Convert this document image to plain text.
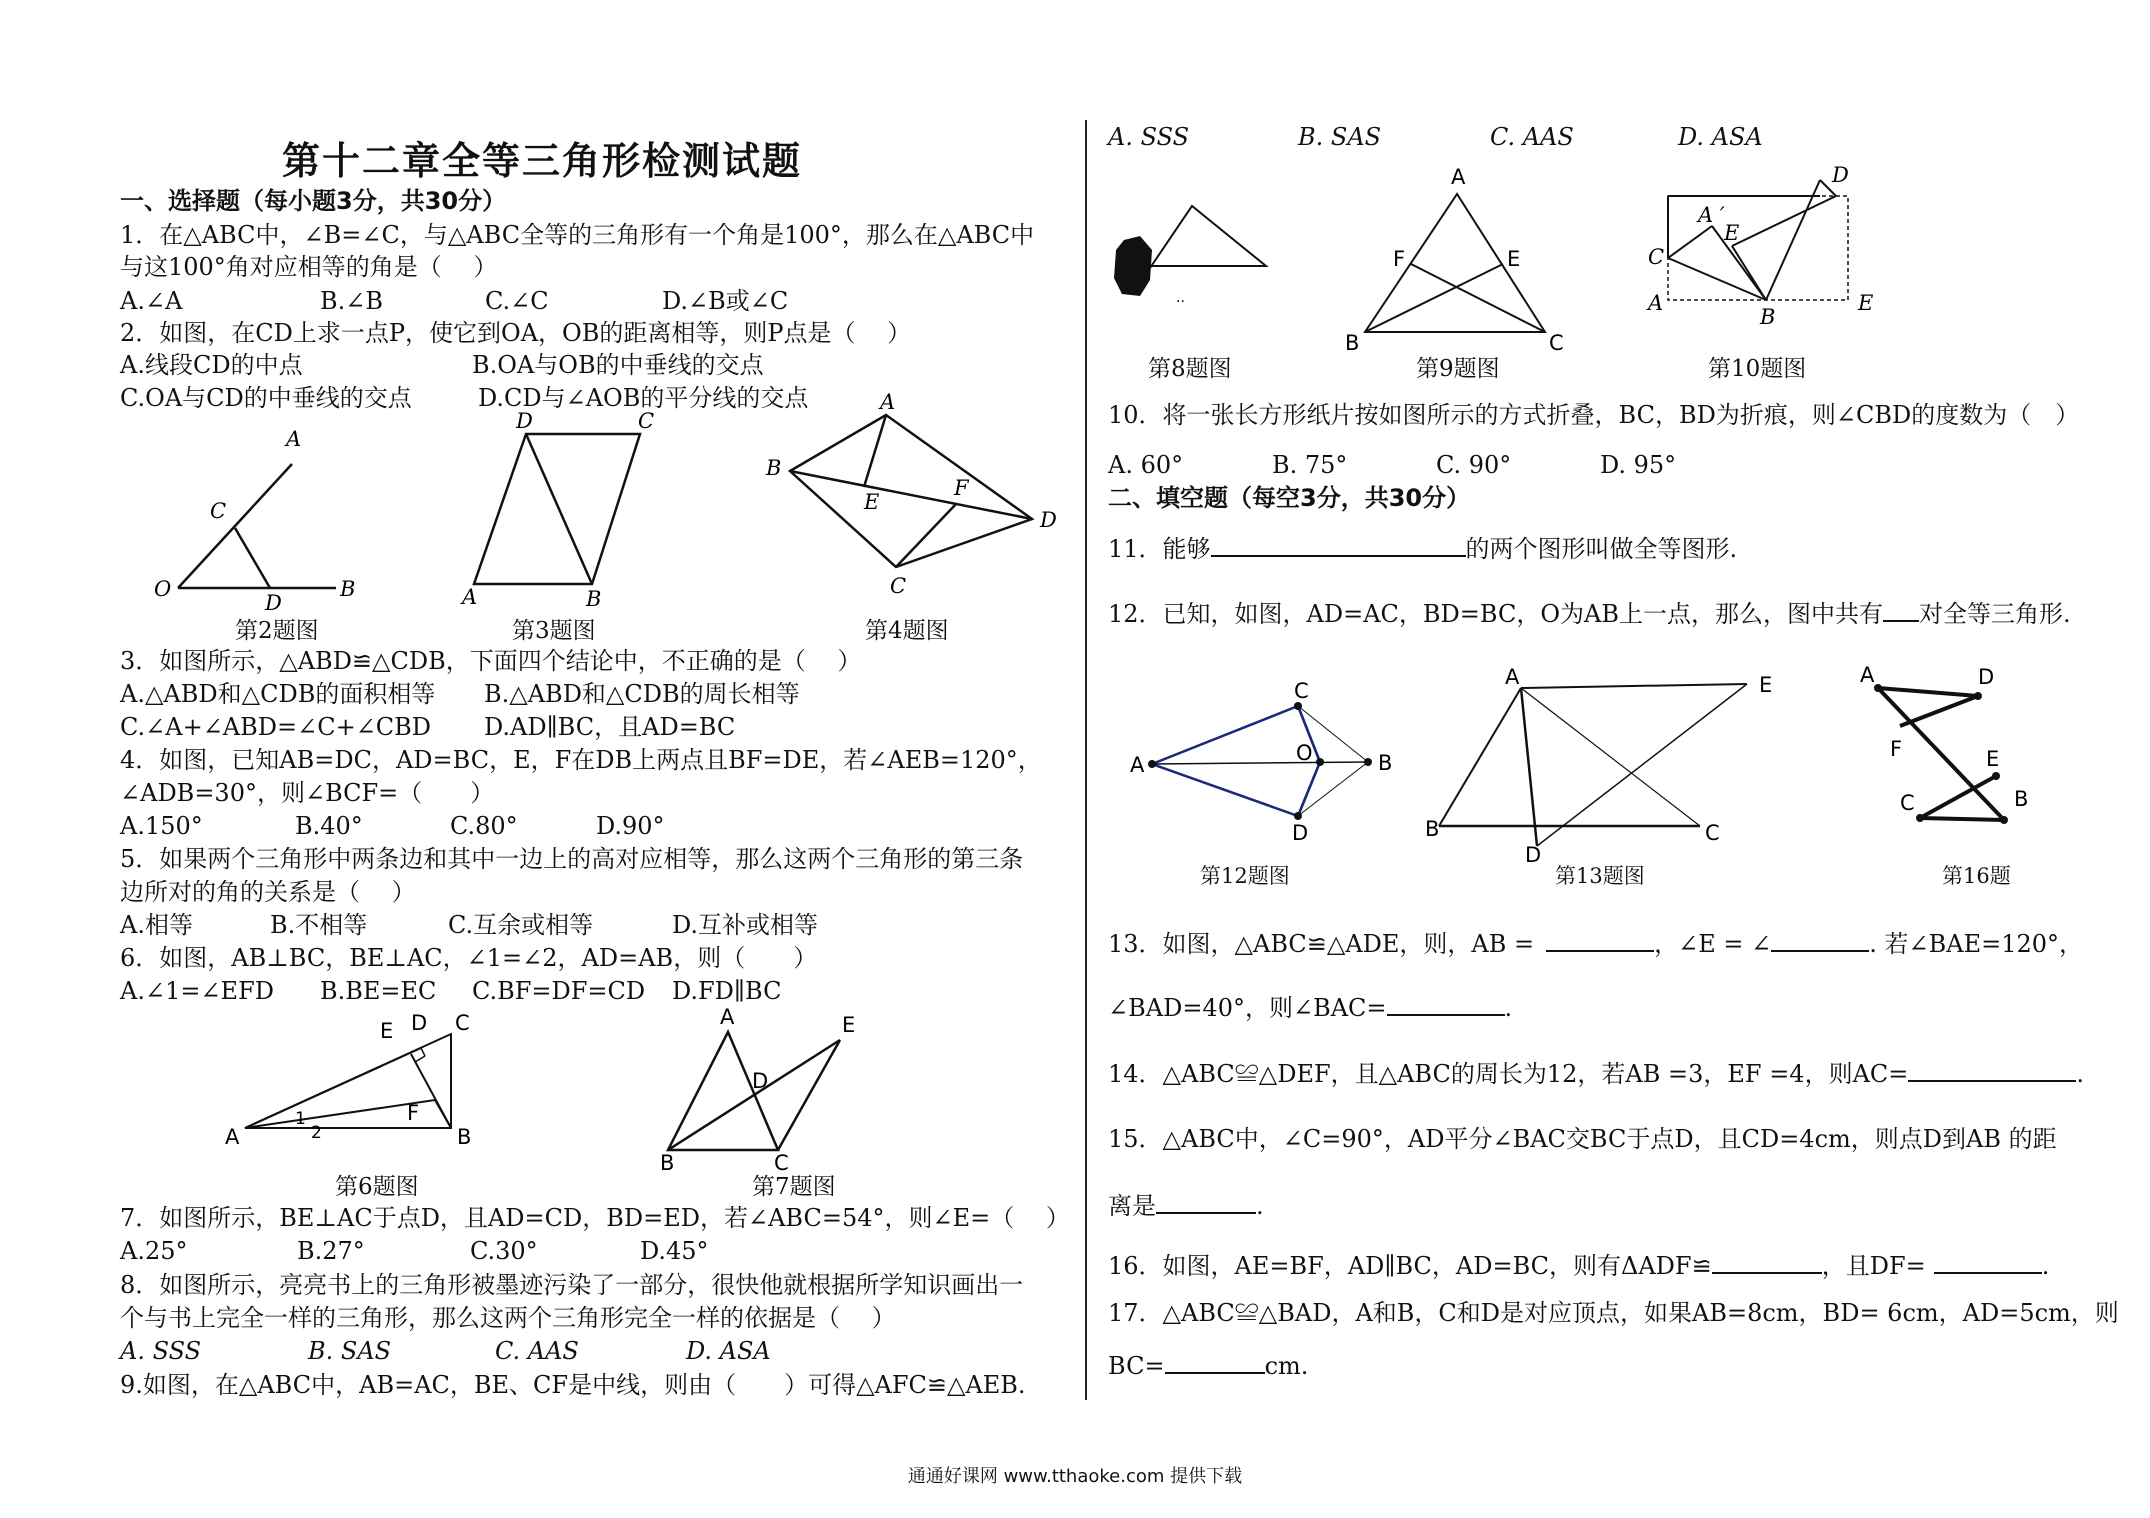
第十二章全等三角形检测试题
一、选择题（每小题3分，共30分）
1．在△ABC中，∠B=∠C，与△ABC全等的三角形有一个角是100°，那么在△ABC中
与这100°角对应相等的角是（　 ）
A.∠A	B.∠B	C.∠C	D.∠B或∠C
2．如图，在CD上求一点P，使它到OA，OB的距离相等，则P点是（　 ）
A.线段CD的中点	B.OA与OB的中垂线的交点
C.OA与CD的中垂线的交点	D.CD与∠AOB的平分线的交点
A
C
O	B
D
第2题图
D	C
A	B
第3题图
A
B
E
F
D
C
第4题图
3．如图所示，△ABD≌△CDB，下面四个结论中，不正确的是（　 ）
A.△ABD和△CDB的面积相等 B.△ABD和△CDB的周长相等
C.∠A+∠ABD=∠C+∠CBD D.AD∥BC，且AD=BC
4．如图，已知AB=DC，AD=BC，E，F在DB上两点且BF=DE，若∠AEB=120°，
∠ADB=30°，则∠BCF=（　　）
A.150°	B.40°	C.80°	D.90°
5．如果两个三角形中两条边和其中一边上的高对应相等，那么这两个三角形的第三条
边所对的角的关系是（　 ）
A.相等	B.不相等	C.互余或相等	D.互补或相等
6．如图，AB⊥BC，BE⊥AC，∠1=∠2，AD=AB，则（　　）
A.∠1=∠EFD B.BE=EC C.BF=DF=CD D.FD∥BC
E D C
A	B
F
1
2
第6题图
A	E
D
B	C
第7题图
7．如图所示，BE⊥AC于点D，且AD=CD，BD=ED，若∠ABC=54°，则∠E=（　 ）
A.25°	B.27°	C.30°	D.45°
8．如图所示，亮亮书上的三角形被墨迹污染了一部分，很快他就根据所学知识画出一
个与书上完全一样的三角形，那么这两个三角形完全一样的依据是（　 ）
A. SSS	B. SAS	C. AAS	D. ASA
9.如图，在△ABC中，AB=AC，BE、CF是中线，则由（　　）可得△AFC≌△AEB.
A. SSS	B. SAS	C. AAS	D. ASA
..
第8题图
A
F	E
B	C
第9题图
D
A ′
E
C
A
B
E
第10题图
10．将一张长方形纸片按如图所示的方式折叠，BC，BD为折痕，则∠CBD的度数为（　）
A. 60°	B. 75°	C. 90°	D. 95°
二、填空题（每空3分，共30分）
11．能够	的两个图形叫做全等图形.
12．已知，如图，AD=AC，BD=BC，O为AB上一点，那么，图中共有 对全等三角形.
A
C
O	B
D
第12题图
A	E
B	C
D
第13题图
A	D
F	E
C	B
第16题
13．如图，△ABC≌△ADE，则，AB =	，∠E = ∠	. 若∠BAE=120°，
∠BAD=40°，则∠BAC=	.
14．△ABC≌△DEF，且△ABC的周长为12，若AB =3，EF =4，则AC=	.
15．△ABC中，∠C=90°，AD平分∠BAC交BC于点D，且CD=4cm，则点D到AB 的距
离是	.
16．如图，AE=BF，AD∥BC，AD=BC，则有ΔADF≌	，且DF=	.
17．△ABC≌△BAD，A和B，C和D是对应顶点，如果AB=8cm，BD= 6cm，AD=5cm，则
BC=	cm.
通通好课网 www.tthaoke.com 提供下载
